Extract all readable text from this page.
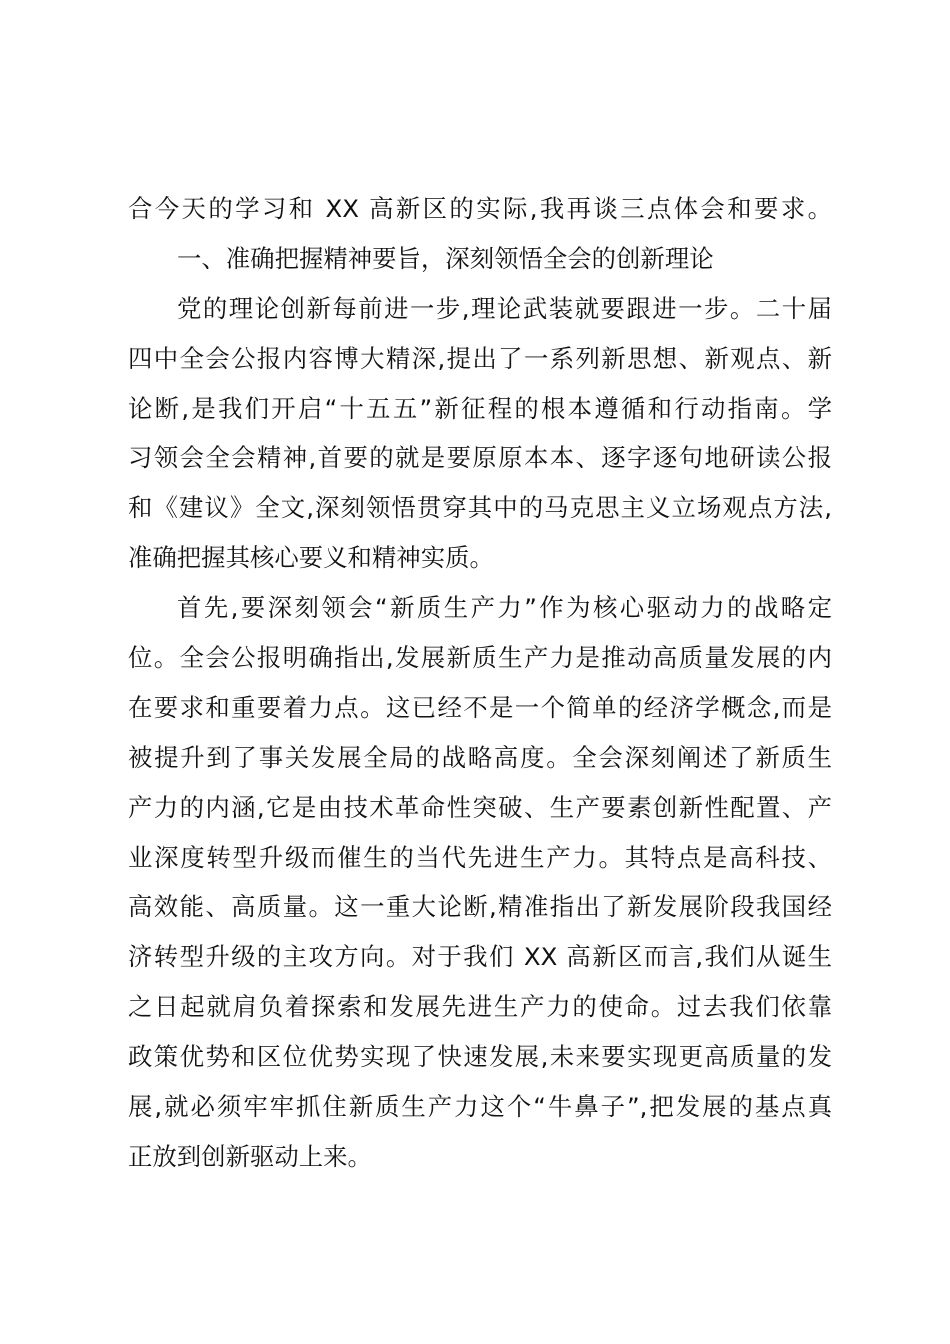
合今天的学习和 XX 高新区的实际,我再谈三点体会和要求。
一、准确把握精神要旨，深刻领悟全会的创新理论
党的理论创新每前进一步,理论武装就要跟进一步。二十届
四中全会公报内容博大精深,提出了一系列新思想、新观点、新
论断,是我们开启“十五五”新征程的根本遵循和行动指南。学
习领会全会精神,首要的就是要原原本本、逐字逐句地研读公报
和《建议》全文,深刻领悟贯穿其中的马克思主义立场观点方法,
准确把握其核心要义和精神实质。
首先,要深刻领会“新质生产力”作为核心驱动力的战略定
位。全会公报明确指出,发展新质生产力是推动高质量发展的内
在要求和重要着力点。这已经不是一个简单的经济学概念,而是
被提升到了事关发展全局的战略高度。全会深刻阐述了新质生
产力的内涵,它是由技术革命性突破、生产要素创新性配置、产
业深度转型升级而催生的当代先进生产力。其特点是高科技、
高效能、高质量。这一重大论断,精准指出了新发展阶段我国经
济转型升级的主攻方向。对于我们 XX 高新区而言,我们从诞生
之日起就肩负着探索和发展先进生产力的使命。过去我们依靠
政策优势和区位优势实现了快速发展,未来要实现更高质量的发
展,就必须牢牢抓住新质生产力这个“牛鼻子”,把发展的基点真
正放到创新驱动上来。
